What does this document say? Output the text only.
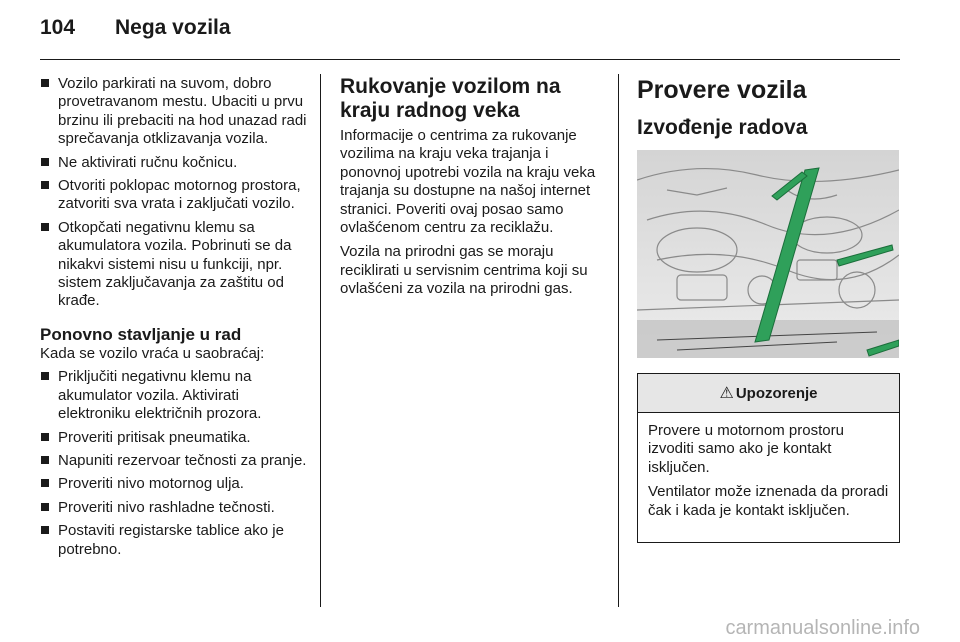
104 Nega vozila
Vozilo parkirati na suvom, dobro provetravanom mestu. Ubaciti u prvu brzinu ili prebaciti na hod unazad radi sprečavanja otklizavanja vozila.
Ne aktivirati ručnu kočnicu.
Otvoriti poklopac motornog prostora, zatvoriti sva vrata i zaključati vozilo.
Otkopčati negativnu klemu sa akumulatora vozila. Pobrinuti se da nikakvi sistemi nisu u funkciji, npr. sistem zaključavanja za zaštitu od krađe.
Ponovno stavljanje u rad

Kada se vozilo vraća u saobraćaj:

Priključiti negativnu klemu na akumulator vozila. Aktivirati elektroniku električnih prozora.
Proveriti pritisak pneumatika.
Napuniti rezervoar tečnosti za pranje.
Proveriti nivo motornog ulja.
Proveriti nivo rashladne tečnosti.
Postaviti registarske tablice ako je potrebno.
Rukovanje vozilom na kraju radnog veka

Informacije o centrima za rukovanje vozilima na kraju veka trajanja i ponovnoj upotrebi vozila na kraju veka trajanja su dostupne na našoj internet stranici. Poveriti ovaj posao samo ovlašćenom centru za reciklažu.

Vozila na prirodni gas se moraju reciklirati u servisnim centrima koji su ovlašćeni za vozila na prirodni gas.

Provere vozila
Izvođenje radova
⚠ Upozorenje

Provere u motornom prostoru izvoditi samo ako je kontakt isključen.

Ventilator može iznenada da proradi čak i kada je kontakt isključen.

carmanualsonline.info
